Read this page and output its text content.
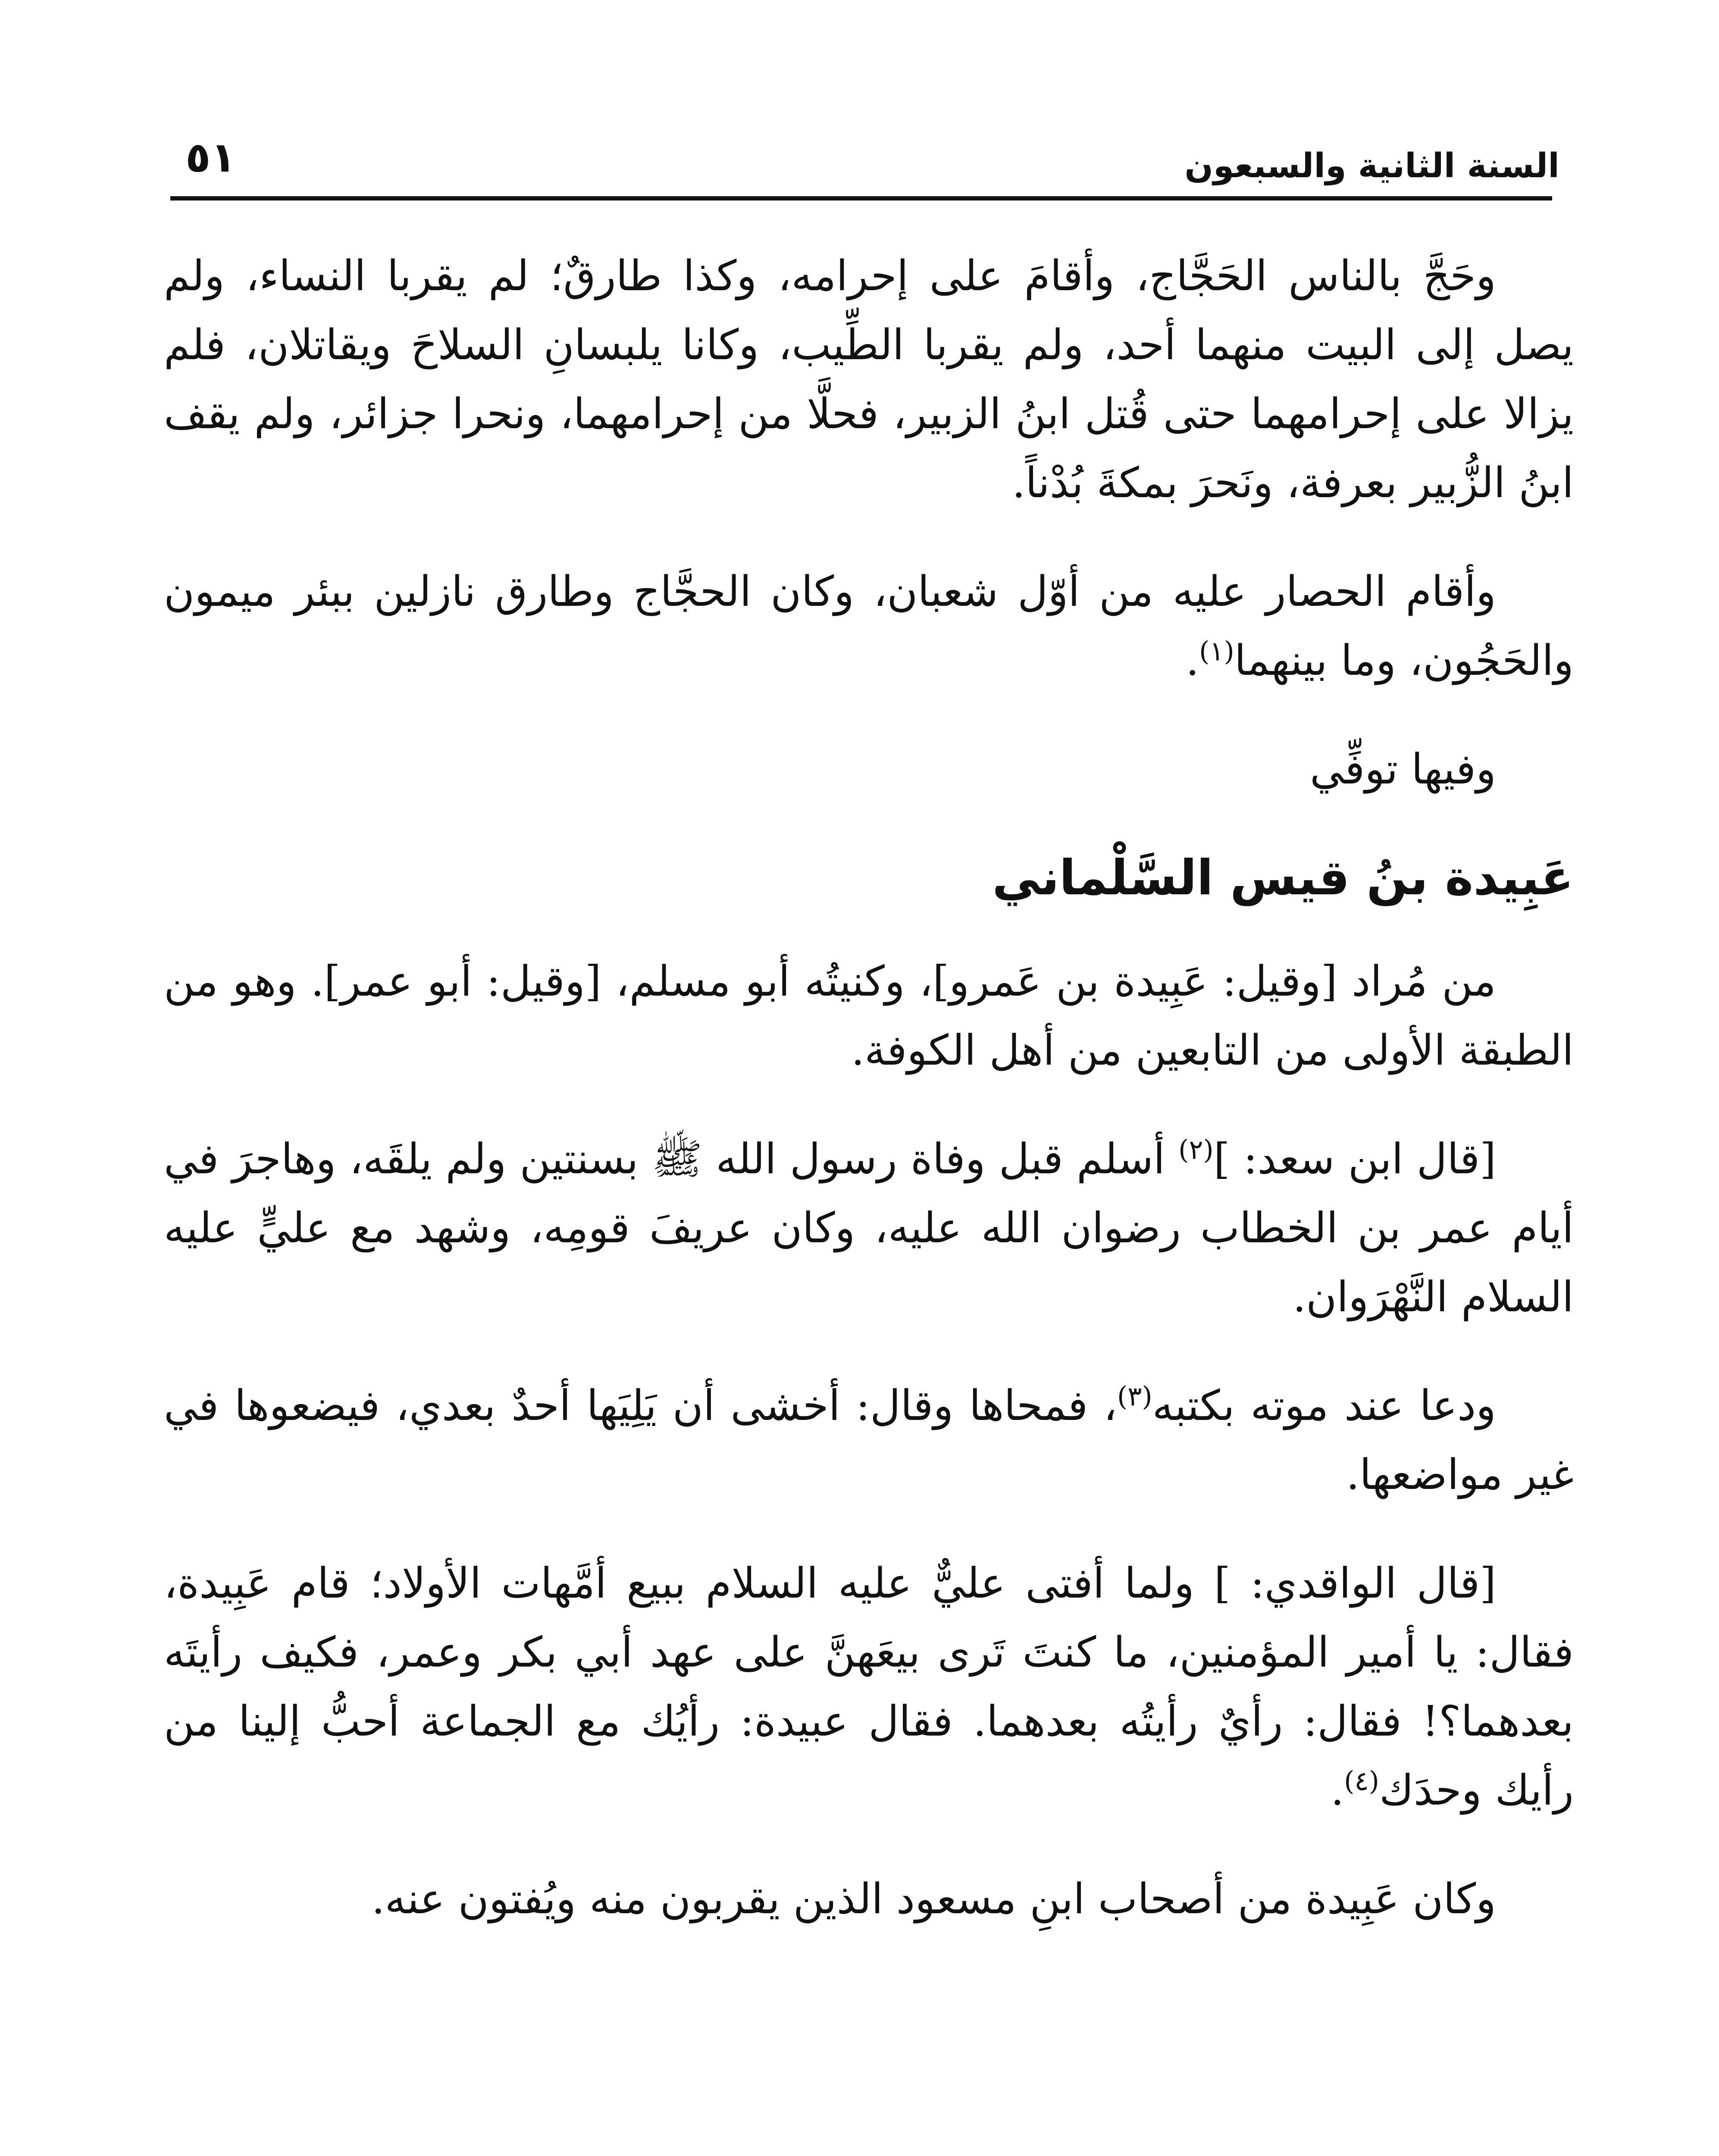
السنة الثانية والسبعون
٥١

وحَجَّ بالناس الحَجَّاج، وأقامَ على إحرامه، وكذا طارقٌ؛ لم يقربا النساء، ولم يصل إلى البيت منهما أحد، ولم يقربا الطِّيب، وكانا يلبسانِ السلاحَ ويقاتلان، فلم يزالا على إحرامهما حتى قُتل ابنُ الزبير، فحلَّا من إحرامهما، ونحرا جزائر، ولم يقف ابنُ الزُّبير بعرفة، ونَحرَ بمكةَ بُدْناً.

وأقام الحصار عليه من أوّل شعبان، وكان الحجَّاج وطارق نازلين ببئر ميمون والحَجُون، وما بينهما$^{(١)}$.

وفيها توفِّي

عَبِيدة بنُ قيس السَّلْماني

من مُراد [وقيل: عَبِيدة بن عَمرو]، وكنيتُه أبو مسلم، [وقيل: أبو عمر]. وهو من الطبقة الأولى من التابعين من أهل الكوفة.

[قال ابن سعد: ]$^{(٢)}$ أسلم قبل وفاة رسول الله ﷺ بسنتين ولم يلقَه، وهاجرَ في أيام عمر بن الخطاب رضوان الله عليه، وكان عريفَ قومِه، وشهد مع عليٍّ عليه السلام النَّهْرَوان.

ودعا عند موته بكتبه$^{(٣)}$، فمحاها وقال: أخشى أن يَلِيَها أحدٌ بعدي، فيضعوها في غير مواضعها.

[قال الواقدي: ] ولما أفتى عليٌّ عليه السلام ببيع أمَّهات الأولاد؛ قام عَبِيدة، فقال: يا أمير المؤمنين، ما كنتَ تَرى بيعَهنَّ على عهد أبي بكر وعمر، فكيف رأيتَه بعدهما؟! فقال: رأيٌ رأيتُه بعدهما. فقال عبيدة: رأيُك مع الجماعة أحبُّ إلينا من رأيك وحدَك$^{(٤)}$.

وكان عَبِيدة من أصحاب ابنِ مسعود الذين يقربون منه ويُفتون عنه.
